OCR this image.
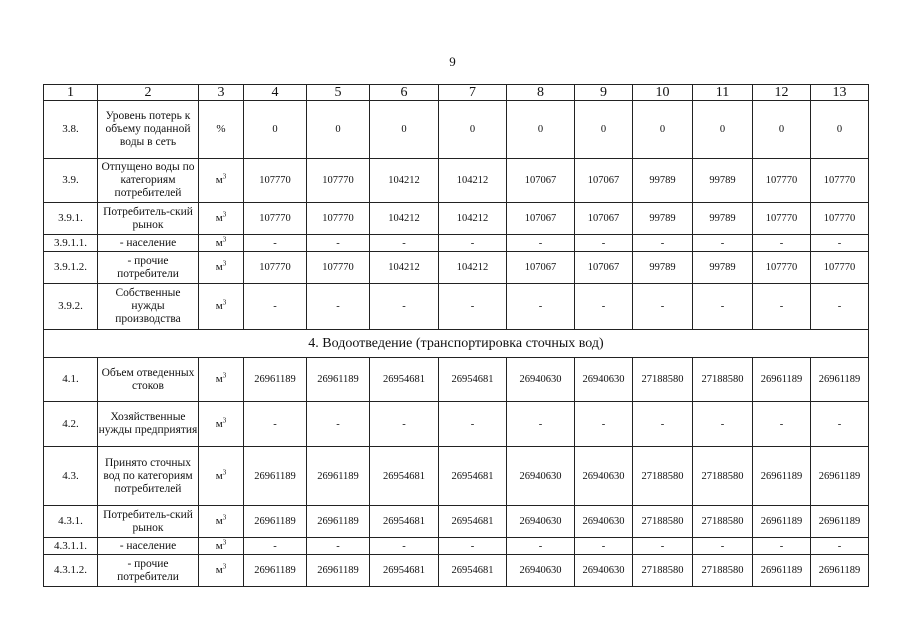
9
1	2	3	4	5	6	7	8	9	10	11	12	13
3.8.	Уровень потерь к объему поданной воды в сеть	%	0	0	0	0	0	0	0	0	0	0
3.9.	Отпущено воды по категориям потребителей	$м^3$	107770	107770	104212	104212	107067	107067	99789	99789	107770	107770
3.9.1.	Потребитель-ский рынок	$м^3$	107770	107770	104212	104212	107067	107067	99789	99789	107770	107770
3.9.1.1.	- население	$м^3$	-	-	-	-	-	-	-	-	-	-
3.9.1.2.	- прочие потребители	$м^3$	107770	107770	104212	104212	107067	107067	99789	99789	107770	107770
3.9.2.	Собственные нужды производства	$м^3$	-	-	-	-	-	-	-	-	-	-
4. Водоотведение (транспортировка сточных вод)												
4.1.	Объем отведенных стоков	$м^3$	26961189	26961189	26954681	26954681	26940630	26940630	27188580	27188580	26961189	26961189
4.2.	Хозяйственные нужды предприятия	$м^3$	-	-	-	-	-	-	-	-	-	-
4.3.	Принято сточных вод по категориям потребителей	$м^3$	26961189	26961189	26954681	26954681	26940630	26940630	27188580	27188580	26961189	26961189
4.3.1.	Потребитель-ский рынок	$м^3$	26961189	26961189	26954681	26954681	26940630	26940630	27188580	27188580	26961189	26961189
4.3.1.1.	- население	$м^3$	-	-	-	-	-	-	-	-	-	-
4.3.1.2.	- прочие потребители	$м^3$	26961189	26961189	26954681	26954681	26940630	26940630	27188580	27188580	26961189	26961189
